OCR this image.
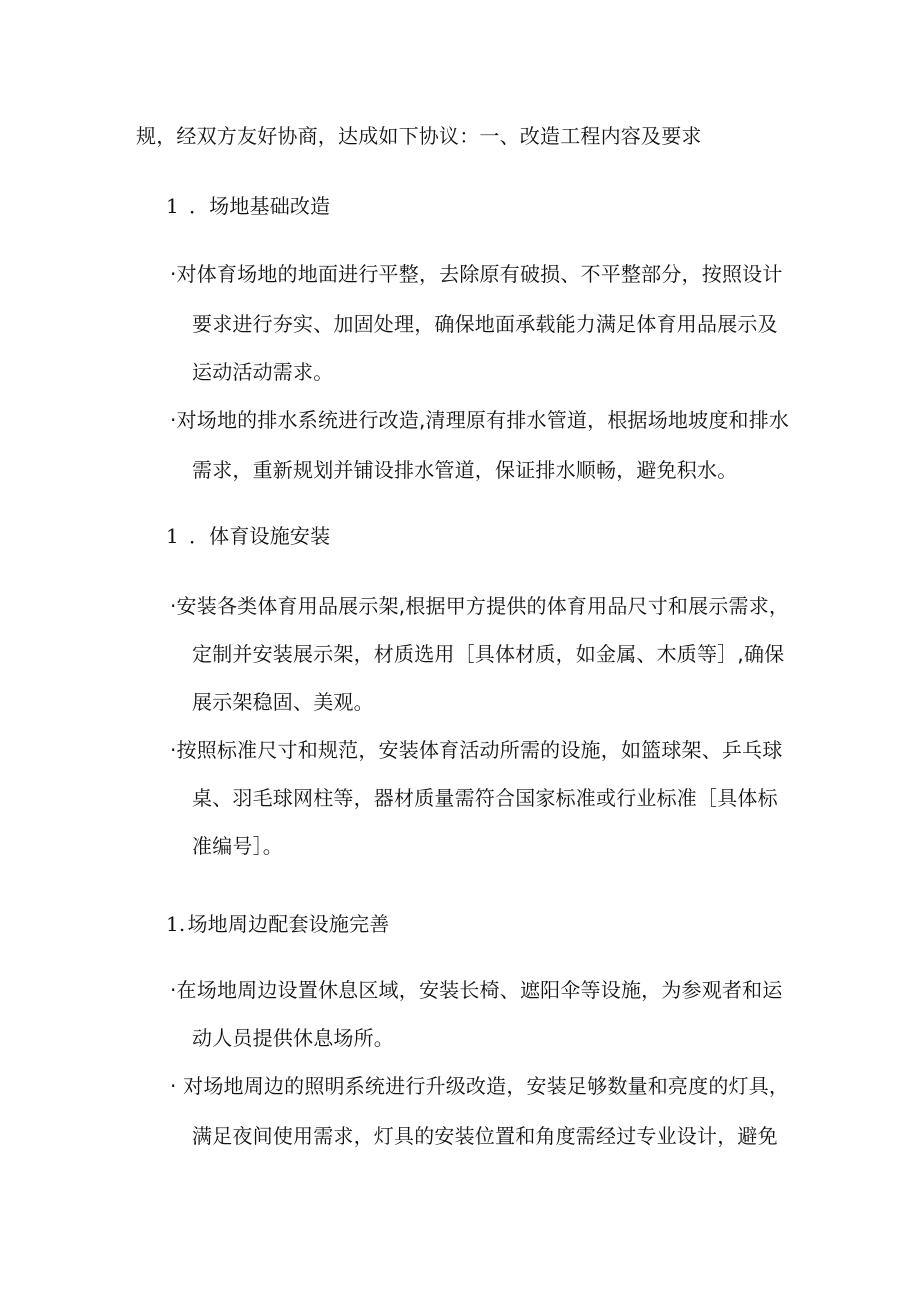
规，经双方友好协商，达成如下协议：一、改造工程内容及要求
1 ．场地基础改造
·对体育场地的地面进行平整，去除原有破损、不平整部分，按照设计
要求进行夯实、加固处理，确保地面承载能力满足体育用品展示及
运动活动需求。
·对场地的排水系统进行改造,清理原有排水管道，根据场地坡度和排水
需求，重新规划并铺设排水管道，保证排水顺畅，避免积水。
1 ．体育设施安装
·安装各类体育用品展示架,根据甲方提供的体育用品尺寸和展示需求，
定制并安装展示架，材质选用［具体材质，如金属、木质等］,确保
展示架稳固、美观。
·按照标准尺寸和规范，安装体育活动所需的设施，如篮球架、乒乓球
桌、羽毛球网柱等，器材质量需符合国家标准或行业标准［具体标
准编号］。
1. 场地周边配套设施完善
·在场地周边设置休息区域，安装长椅、遮阳伞等设施，为参观者和运
动人员提供休息场所。
· 对场地周边的照明系统进行升级改造，安装足够数量和亮度的灯具，
满足夜间使用需求，灯具的安装位置和角度需经过专业设计，避免
